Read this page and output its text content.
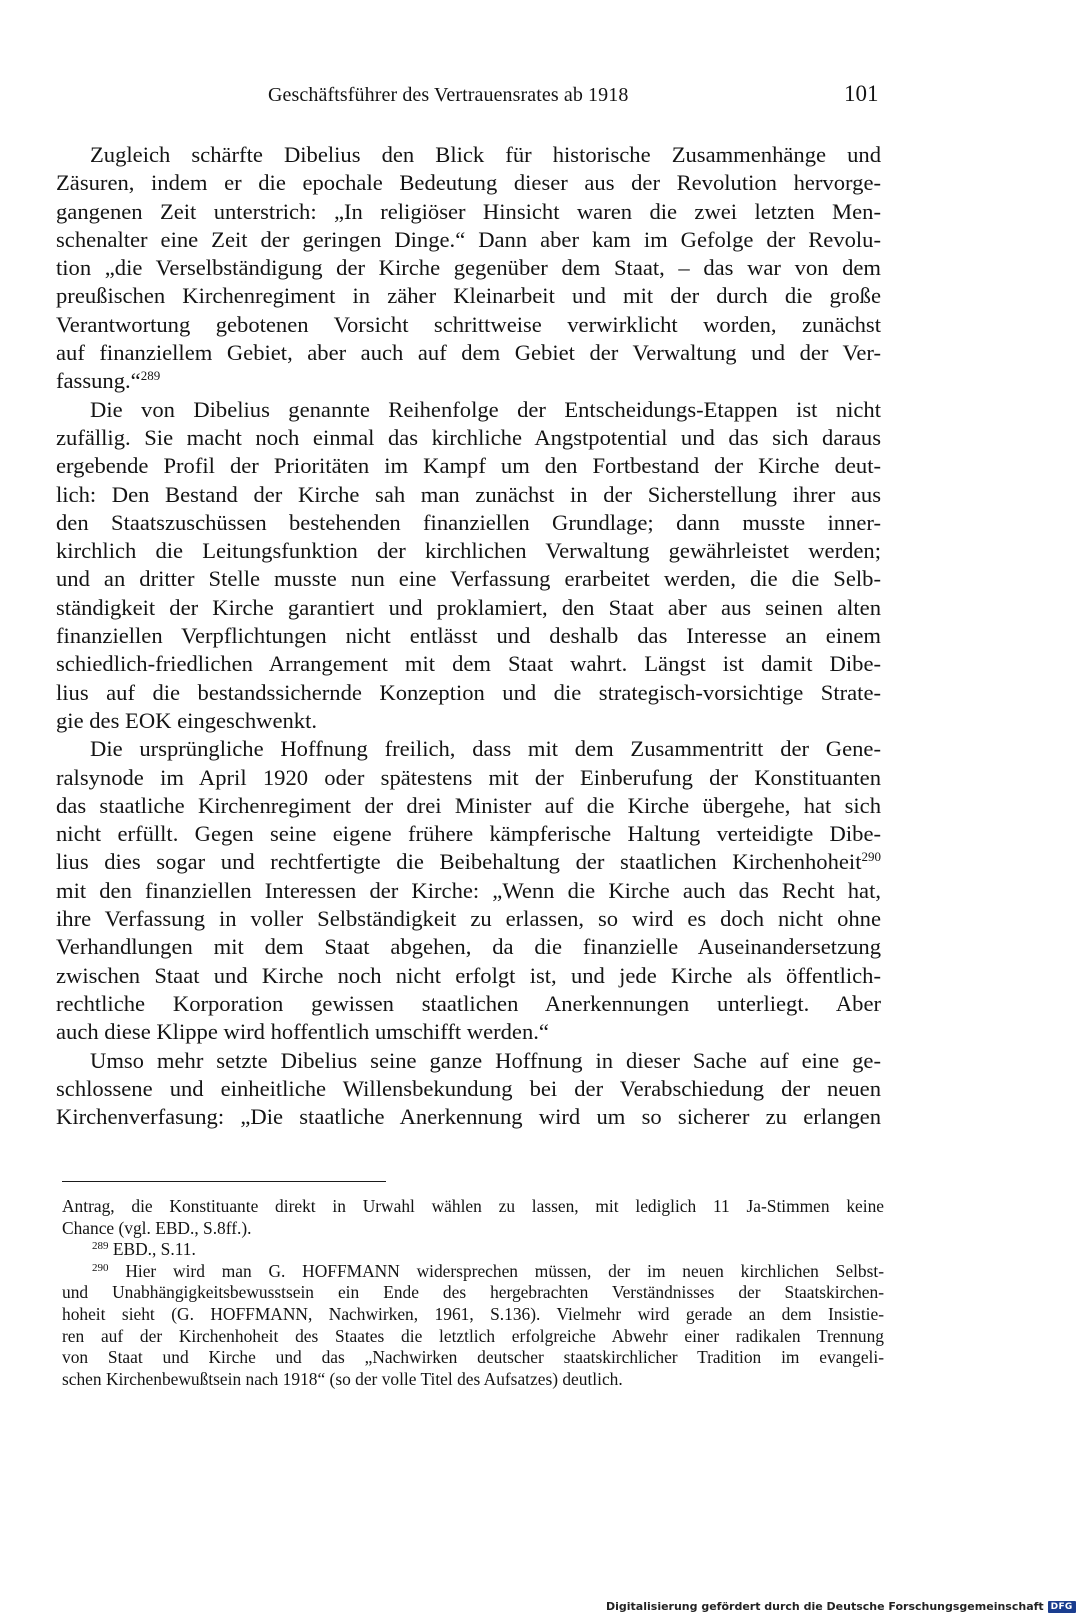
Geschäftsführer des Vertrauensrates ab 1918	101
Zugleich schärfte Dibelius den Blick für historische Zusammenhänge und
Zäsuren, indem er die epochale Bedeutung dieser aus der Revolution hervorge-
gangenen Zeit unterstrich: „In religiöser Hinsicht waren die zwei letzten Men-
schenalter eine Zeit der geringen Dinge.“ Dann aber kam im Gefolge der Revolu-
tion „die Verselbständigung der Kirche gegenüber dem Staat, – das war von dem
preußischen Kirchenregiment in zäher Kleinarbeit und mit der durch die große
Verantwortung gebotenen Vorsicht schrittweise verwirklicht worden, zunächst
auf finanziellem Gebiet, aber auch auf dem Gebiet der Verwaltung und der Ver-
fassung.“$^{289}$
Die von Dibelius genannte Reihenfolge der Entscheidungs-Etappen ist nicht
zufällig. Sie macht noch einmal das kirchliche Angstpotential und das sich daraus
ergebende Profil der Prioritäten im Kampf um den Fortbestand der Kirche deut-
lich: Den Bestand der Kirche sah man zunächst in der Sicherstellung ihrer aus
den Staatszuschüssen bestehenden finanziellen Grundlage; dann musste inner-
kirchlich die Leitungsfunktion der kirchlichen Verwaltung gewährleistet werden;
und an dritter Stelle musste nun eine Verfassung erarbeitet werden, die die Selb-
ständigkeit der Kirche garantiert und proklamiert, den Staat aber aus seinen alten
finanziellen Verpflichtungen nicht entlässt und deshalb das Interesse an einem
schiedlich-friedlichen Arrangement mit dem Staat wahrt. Längst ist damit Dibe-
lius auf die bestandssichernde Konzeption und die strategisch-vorsichtige Strate-
gie des EOK eingeschwenkt.
Die ursprüngliche Hoffnung freilich, dass mit dem Zusammentritt der Gene-
ralsynode im April 1920 oder spätestens mit der Einberufung der Konstituanten
das staatliche Kirchenregiment der drei Minister auf die Kirche übergehe, hat sich
nicht erfüllt. Gegen seine eigene frühere kämpferische Haltung verteidigte Dibe-
lius dies sogar und rechtfertigte die Beibehaltung der staatlichen Kirchenhoheit$^{290}$
mit den finanziellen Interessen der Kirche: „Wenn die Kirche auch das Recht hat,
ihre Verfassung in voller Selbständigkeit zu erlassen, so wird es doch nicht ohne
Verhandlungen mit dem Staat abgehen, da die finanzielle Auseinandersetzung
zwischen Staat und Kirche noch nicht erfolgt ist, und jede Kirche als öffentlich-
rechtliche Korporation gewissen staatlichen Anerkennungen unterliegt. Aber
auch diese Klippe wird hoffentlich umschifft werden.“
Umso mehr setzte Dibelius seine ganze Hoffnung in dieser Sache auf eine ge-
schlossene und einheitliche Willensbekundung bei der Verabschiedung der neuen
Kirchenverfasung: „Die staatliche Anerkennung wird um so sicherer zu erlangen
Antrag, die Konstituante direkt in Urwahl wählen zu lassen, mit lediglich 11 Ja-Stimmen keine
Chance (vgl. EBD., S.8ff.).
$^{289}$ EBD., S.11.
$^{290}$ Hier wird man G. HOFFMANN widersprechen müssen, der im neuen kirchlichen Selbst-
und Unabhängigkeitsbewusstsein ein Ende des hergebrachten Verständnisses der Staatskirchen-
hoheit sieht (G. HOFFMANN, Nachwirken, 1961, S.136). Vielmehr wird gerade an dem Insistie-
ren auf der Kirchenhoheit des Staates die letztlich erfolgreiche Abwehr einer radikalen Trennung
von Staat und Kirche und das „Nachwirken deutscher staatskirchlicher Tradition im evangeli-
schen Kirchenbewußtsein nach 1918“ (so der volle Titel des Aufsatzes) deutlich.
Digitalisierung gefördert durch die Deutsche Forschungsgemeinschaft DFG
